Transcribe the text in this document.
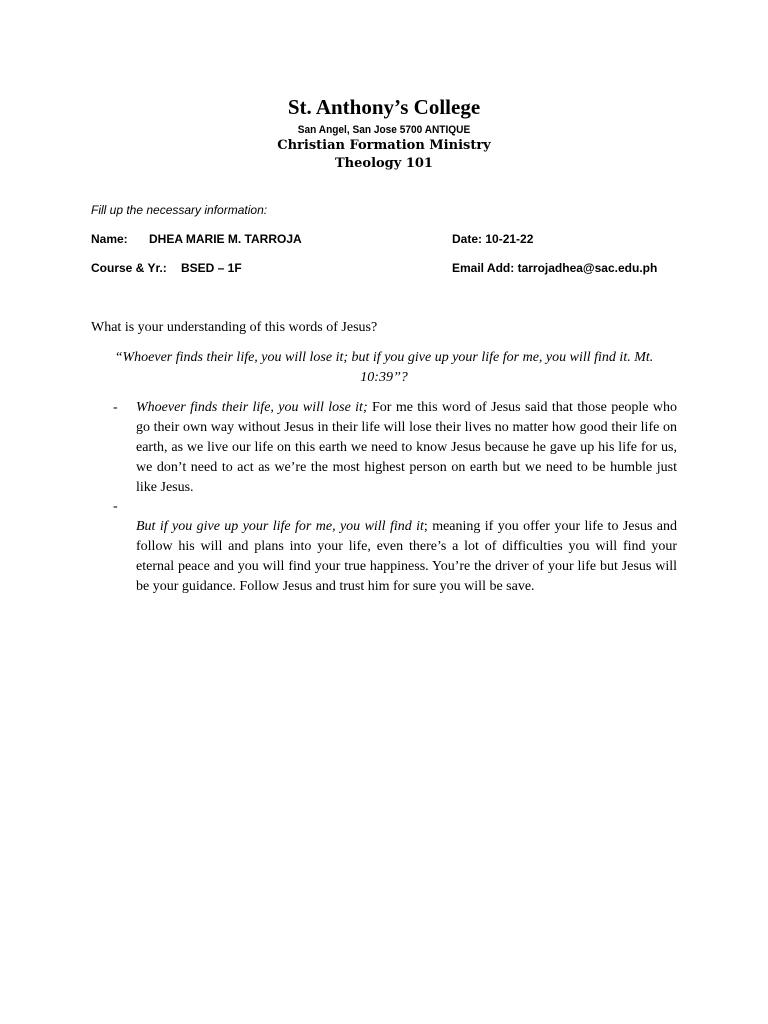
St. Anthony’s College
San Angel, San Jose 5700 ANTIQUE
Christian Formation Ministry
Theology 101
Fill up the necessary information:
Name: DHEA MARIE M. TARROJA	Date: 10-21-22
Course & Yr.: BSED – 1F	Email Add: tarrojadhea@sac.edu.ph
What is your understanding of this words of Jesus?
“Whoever finds their life, you will lose it; but if you give up your life for me, you will find it. Mt. 10:39’’?
- Whoever finds their life, you will lose it; For me this word of Jesus said that those people who go their own way without Jesus in their life will lose their lives no matter how good their life on earth, as we live our life on this earth we need to know Jesus because he gave up his life for us, we don’t need to act as we’re the most highest person on earth but we need to be humble just like Jesus.
-
But if you give up your life for me, you will find it; meaning if you offer your life to Jesus and follow his will and plans into your life, even there’s a lot of difficulties you will find your eternal peace and you will find your true happiness. You’re the driver of your life but Jesus will be your guidance. Follow Jesus and trust him for sure you will be save.
